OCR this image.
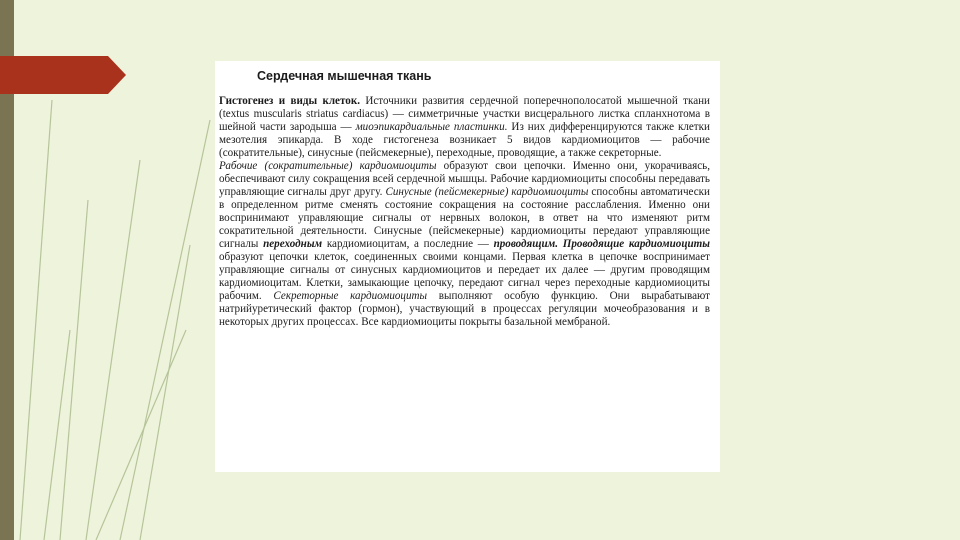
Сердечная мышечная ткань

Гистогенез и виды клеток. Источники развития сердечной поперечнополосатой мышечной ткани (textus muscularis striatus cardiacus) — симметричные участки висцерального листка спланхнотома в шейной части зародыша — миоэпикардиальные пластинки. Из них дифференцируются также клетки мезотелия эпикарда. В ходе гистогенеза возникает 5 видов кардиомиоцитов — рабочие (сократительные), синусные (пейсмекерные), переходные, проводящие, а также секреторные.

Рабочие (сократительные) кардиомиоциты образуют свои цепочки. Именно они, укорачиваясь, обеспечивают силу сокращения всей сердечной мышцы. Рабочие кардиомиоциты способны передавать управляющие сигналы друг другу. Синусные (пейсмекерные) кардиомиоциты способны автоматически в определенном ритме сменять состояние сокращения на состояние расслабления. Именно они воспринимают управляющие сигналы от нервных волокон, в ответ на что изменяют ритм сократительной деятельности. Синусные (пейсмекерные) кардиомиоциты передают управляющие сигналы переходным кардиомиоцитам, а последние — проводящим. Проводящие кардиомиоциты образуют цепочки клеток, соединенных своими концами. Первая клетка в цепочке воспринимает управляющие сигналы от синусных кардиомиоцитов и передает их далее — другим проводящим кардиомиоцитам. Клетки, замыкающие цепочку, передают сигнал через переходные кардиомиоциты рабочим. Секреторные кардиомиоциты выполняют особую функцию. Они вырабатывают натрийуретический фактор (гормон), участвующий в процессах регуляции мочеобразования и в некоторых других процессах. Все кардиомиоциты покрыты базальной мембраной.
